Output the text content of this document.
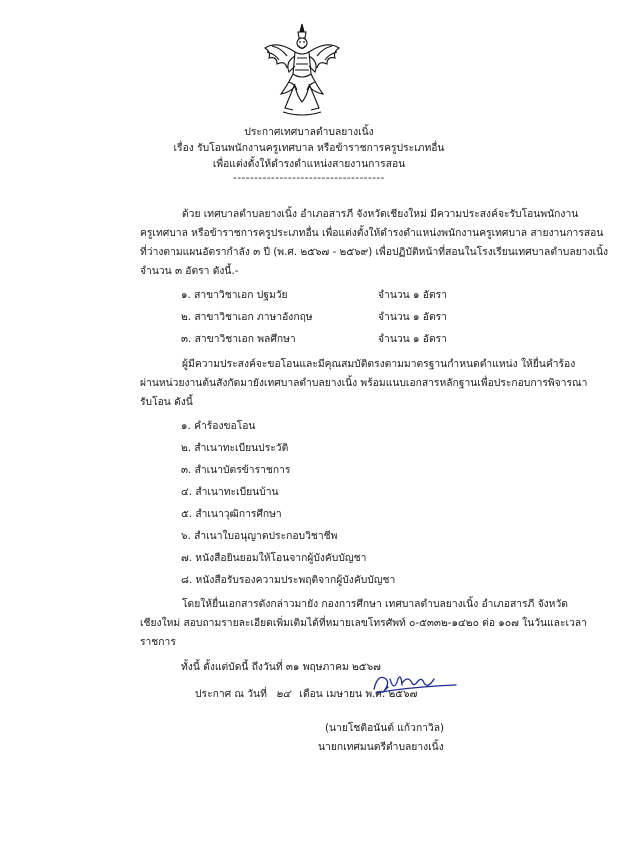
ประกาศเทศบาลตำบลยางเนิ้ง
เรื่อง รับโอนพนักงานครูเทศบาล หรือข้าราชการครูประเภทอื่น
เพื่อแต่งตั้งให้ดำรงตำแหน่งสายงานการสอน
------------------------------------
ด้วย เทศบาลตำบลยางเนิ้ง อำเภอสารภี จังหวัดเชียงใหม่ มีความประสงค์จะรับโอนพนักงาน
ครูเทศบาล หรือข้าราชการครูประเภทอื่น เพื่อแต่งตั้งให้ดำรงตำแหน่งพนักงานครูเทศบาล สายงานการสอน
ที่ว่างตามแผนอัตรากำลัง ๓ ปี (พ.ศ. ๒๕๖๗ - ๒๕๖๙) เพื่อปฏิบัติหน้าที่สอนในโรงเรียนเทศบาลตำบลยางเนิ้ง
จำนวน ๓ อัตรา ดังนี้.-
๑. สาขาวิชาเอก ปฐมวัย	จำนวน ๑ อัตรา
๒. สาขาวิชาเอก ภาษาอังกฤษ	จำนวน ๑ อัตรา
๓. สาขาวิชาเอก พลศึกษา	จำนวน ๑ อัตรา
ผู้มีความประสงค์จะขอโอนและมีคุณสมบัติตรงตามมาตรฐานกำหนดตำแหน่ง ให้ยื่นคำร้อง
ผ่านหน่วยงานต้นสังกัดมายังเทศบาลตำบลยางเนิ้ง พร้อมแนบเอกสารหลักฐานเพื่อประกอบการพิจารณา
รับโอน ดังนี้
๑. คำร้องขอโอน
๒. สำเนาทะเบียนประวัติ
๓. สำเนาบัตรข้าราชการ
๔. สำเนาทะเบียนบ้าน
๕. สำเนาวุฒิการศึกษา
๖. สำเนาใบอนุญาตประกอบวิชาชีพ
๗. หนังสือยินยอมให้โอนจากผู้บังคับบัญชา
๘. หนังสือรับรองความประพฤติจากผู้บังคับบัญชา
โดยให้ยื่นเอกสารดังกล่าวมายัง กองการศึกษา เทศบาลตำบลยางเนิ้ง อำเภอสารภี จังหวัด
เชียงใหม่ สอบถามรายละเอียดเพิ่มเติมได้ที่หมายเลขโทรศัพท์ ๐-๕๓๓๒-๑๔๒๐ ต่อ ๑๐๗ ในวันและเวลา
ราชการ
ทั้งนี้ ตั้งแต่บัดนี้ ถึงวันที่ ๓๑ พฤษภาคม ๒๕๖๗
ประกาศ ณ วันที่ ๒๔ เดือน เมษายน พ.ศ. ๒๕๖๗
(นายโชติอนันต์ แก้วกาวิล)
นายกเทศมนตรีตำบลยางเนิ้ง
